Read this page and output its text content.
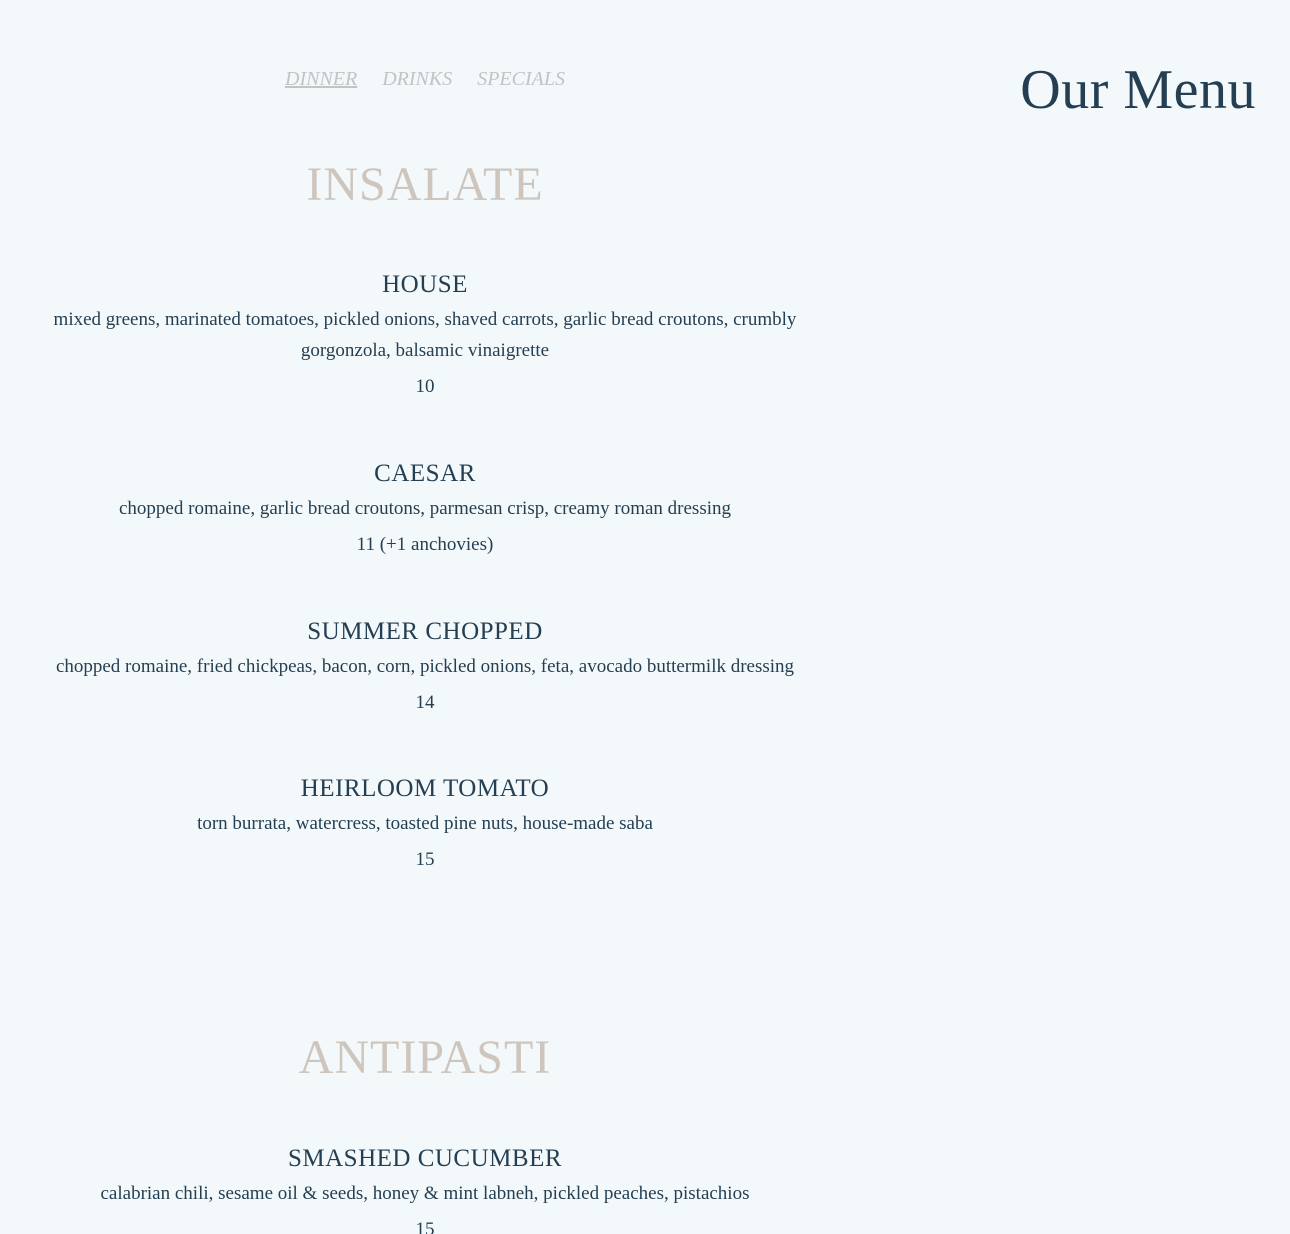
DINNER DRINKS SPECIALS	Our Menu
INSALATE
HOUSE
mixed greens, marinated tomatoes, pickled onions, shaved carrots, garlic bread croutons, crumbly gorgonzola, balsamic vinaigrette
10
CAESAR
chopped romaine, garlic bread croutons, parmesan crisp, creamy roman dressing
11 (+1 anchovies)
SUMMER CHOPPED
chopped romaine, fried chickpeas, bacon, corn, pickled onions, feta, avocado buttermilk dressing
14
HEIRLOOM TOMATO
torn burrata, watercress, toasted pine nuts, house-made saba
15
ANTIPASTI
SMASHED CUCUMBER
calabrian chili, sesame oil & seeds, honey & mint labneh, pickled peaches, pistachios
15
